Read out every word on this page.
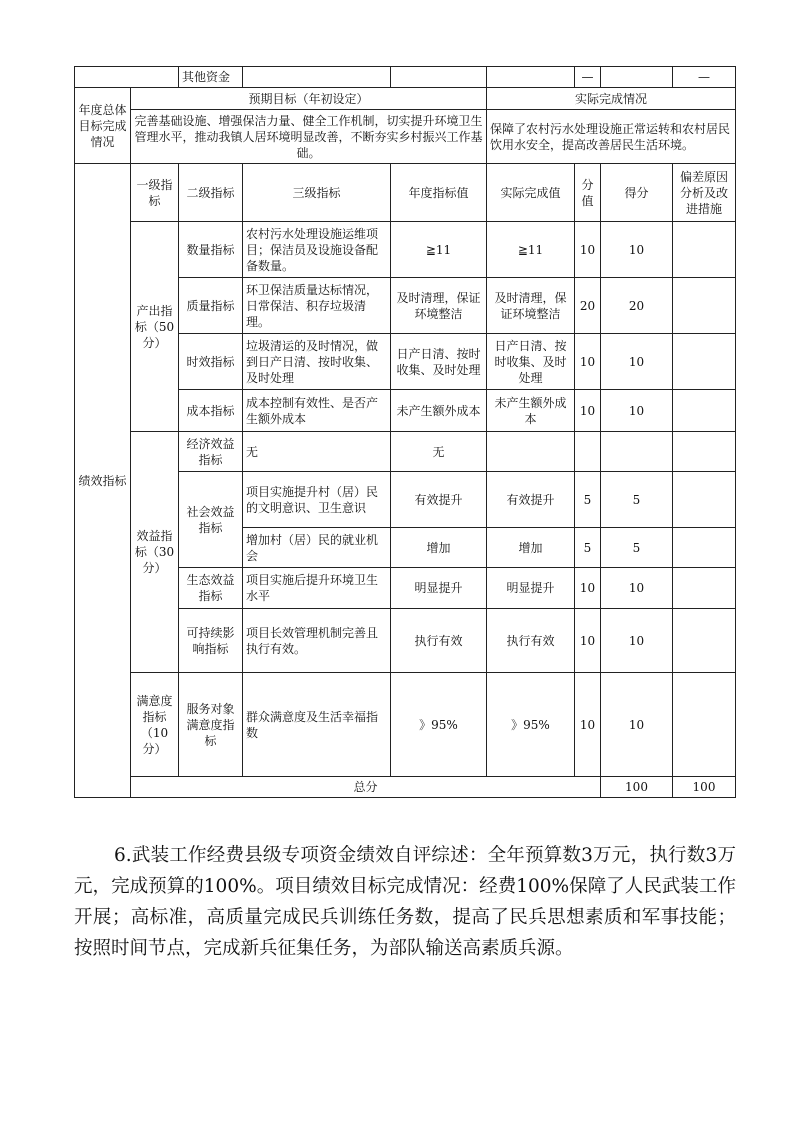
		其他资金				—		—	
年度总体目标完成情况	预期目标（年初设定）				实际完成情况				
	完善基础设施、增强保洁力量、健全工作机制，切实提升环境卫生管理水平，推动我镇人居环境明显改善，不断夯实乡村振兴工作基础。				保障了农村污水处理设施正常运转和农村居民饮用水安全，提高改善居民生活环境。				
绩效指标	一级指标	二级指标	三级指标	年度指标值	实际完成值	分值	得分	偏差原因分析及改进措施	
	产出指标（50分）	数量指标	农村污水处理设施运维项目；保洁员及设施设备配备数量。	≧11	≧11	10	10		
		质量指标	环卫保洁质量达标情况，日常保洁、积存垃圾清理。	及时清理，保证环境整洁	及时清理，保证环境整洁	20	20		
		时效指标	垃圾清运的及时情况，做到日产日清、按时收集、及时处理	日产日清、按时收集、及时处理	日产日清、按时收集、及时处理	10	10		
		成本指标	成本控制有效性、是否产生额外成本	未产生额外成本	未产生额外成本	10	10		
	效益指标（30分）	经济效益指标	无	无					
		社会效益指标	项目实施提升村（居）民的文明意识、卫生意识	有效提升	有效提升	5	5		
			增加村（居）民的就业机会	增加	增加	5	5		
		生态效益指标	项目实施后提升环境卫生水平	明显提升	明显提升	10	10		
		可持续影响指标	项目长效管理机制完善且执行有效。	执行有效	执行有效	10	10		
	满意度指标（10分）	服务对象满意度指标	群众满意度及生活幸福指数	》95%	》95%	10	10		
	总分						100	100	

6.武装工作经费县级专项资金绩效自评综述：全年预算数3万元，执行数3万元，完成预算的100%。项目绩效目标完成情况：经费100%保障了人民武装工作开展；高标准，高质量完成民兵训练任务数，提高了民兵思想素质和军事技能；按照时间节点，完成新兵征集任务，为部队输送高素质兵源。
